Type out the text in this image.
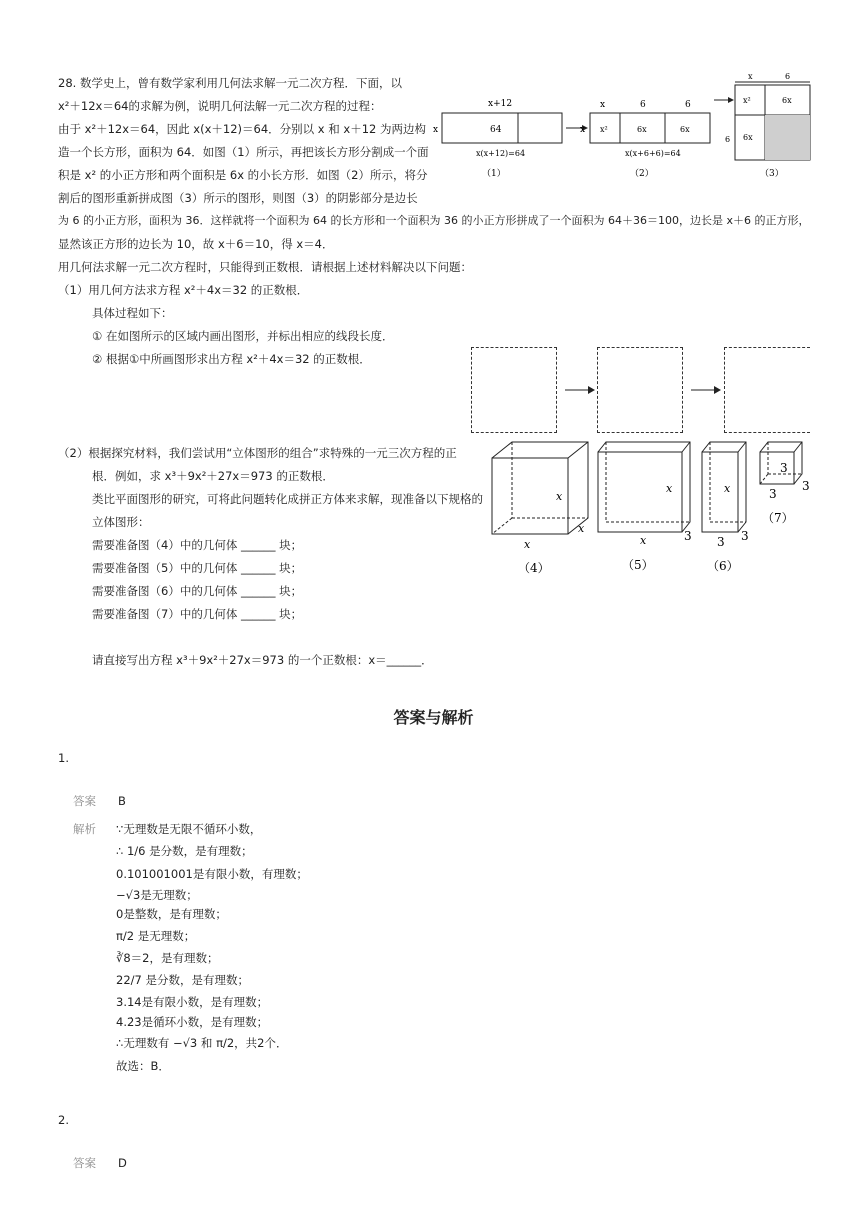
28. 数学史上，曾有数学家利用几何法求解一元二次方程．下面，以
x²＋12x＝64的求解为例，说明几何法解一元二次方程的过程：
由于 x²＋12x＝64，因此 x(x＋12)＝64．分别以 x 和 x＋12 为两边构
造一个长方形，面积为 64．如图（1）所示，再把该长方形分割成一个面
积是 x² 的小正方形和两个面积是 6x 的小长方形．如图（2）所示，将分
割后的图形重新拼成图（3）所示的图形，则图（3）的阴影部分是边长
为 6 的小正方形，面积为 36．这样就将一个面积为 64 的长方形和一个面积为 36 的小正方形拼成了一个面积为 64＋36＝100，边长是 x＋6 的正方形，
显然该正方形的边长为 10，故 x＋6＝10，得 x＝4．
用几何法求解一元二次方程时，只能得到正数根．请根据上述材料解决以下问题：
（1）用几何方法求方程 x²＋4x＝32 的正数根．
具体过程如下：
① 在如图所示的区域内画出图形，并标出相应的线段长度．
② 根据①中所画图形求出方程 x²＋4x＝32 的正数根．
（2）根据探究材料，我们尝试用“立体图形的组合”求特殊的一元三次方程的正
根．例如，求 x³＋9x²＋27x＝973 的正数根．
类比平面图形的研究，可将此问题转化成拼正方体来求解，现准备以下规格的
立体图形：
需要准备图（4）中的几何体 ______ 块；
需要准备图（5）中的几何体 ______ 块；
需要准备图（6）中的几何体 ______ 块；
需要准备图（7）中的几何体 ______ 块；
请直接写出方程 x³＋9x²＋27x＝973 的一个正数根：x＝______．
x+12
x	64
x(x+12)=64
（1）
x	6	6
x x²	6x	6x
x(x+6+6)=64
（2）
x	6
x²	6x
6x
6
（3）
x
x
x
（4）
x
x	3
（5）
x
3 3
（6）
3
3
3
（7）
答案与解析
1.
答案 B
解析 ∵无理数是无限不循环小数，
∴ 1/6 是分数，是有理数；
0.101001001是有限小数，有理数；
−√3是无理数；
0是整数，是有理数；
π/2 是无理数；
∛8＝2，是有理数；
22/7 是分数，是有理数；
3.14是有限小数，是有理数；
4.2̇3̇是循环小数，是有理数；
∴无理数有 −√3 和 π/2，共2个．
故选：B．
2.
答案 D
